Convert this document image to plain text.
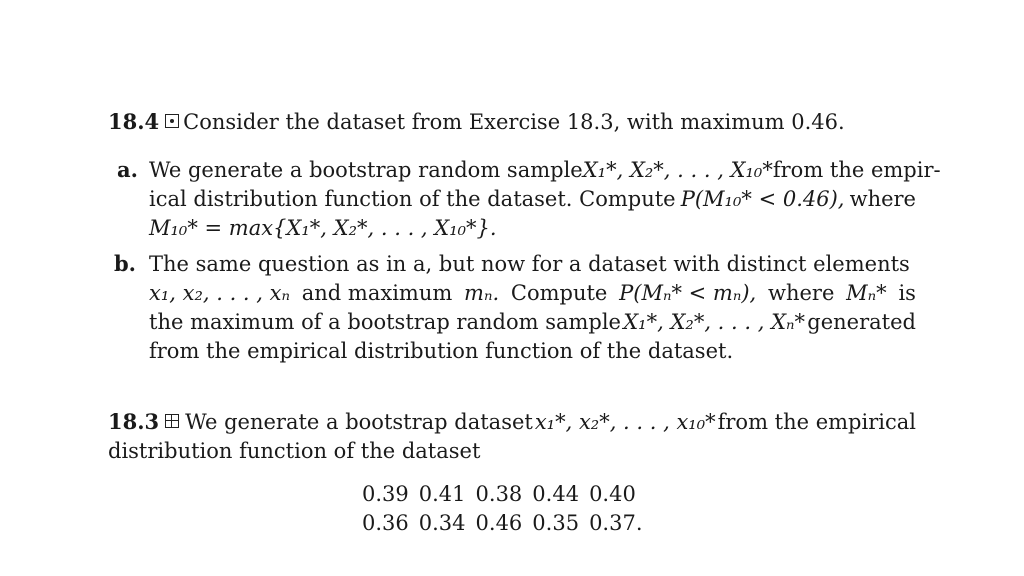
18.4 Consider the dataset from Exercise 18.3, with maximum 0.46.
a. We generate a bootstrap random sample X₁*, X₂*, . . . , X₁₀* from the empir-
ical distribution function of the dataset. Compute P(M₁₀* < 0.46), where
M₁₀* = max{X₁*, X₂*, . . . , X₁₀*}.
b. The same question as in a, but now for a dataset with distinct elements
x₁, x₂, . . . , xₙ and maximum mₙ. Compute P(Mₙ* < mₙ), where Mₙ* is
the maximum of a bootstrap random sample X₁*, X₂*, . . . , Xₙ* generated
from the empirical distribution function of the dataset.
18.3	We generate a bootstrap dataset x₁*, x₂*, . . . , x₁₀* from the empirical
distribution function of the dataset
0.39	0.41	0.38	0.44	0.40
0.36	0.34	0.46	0.35	0.37.
